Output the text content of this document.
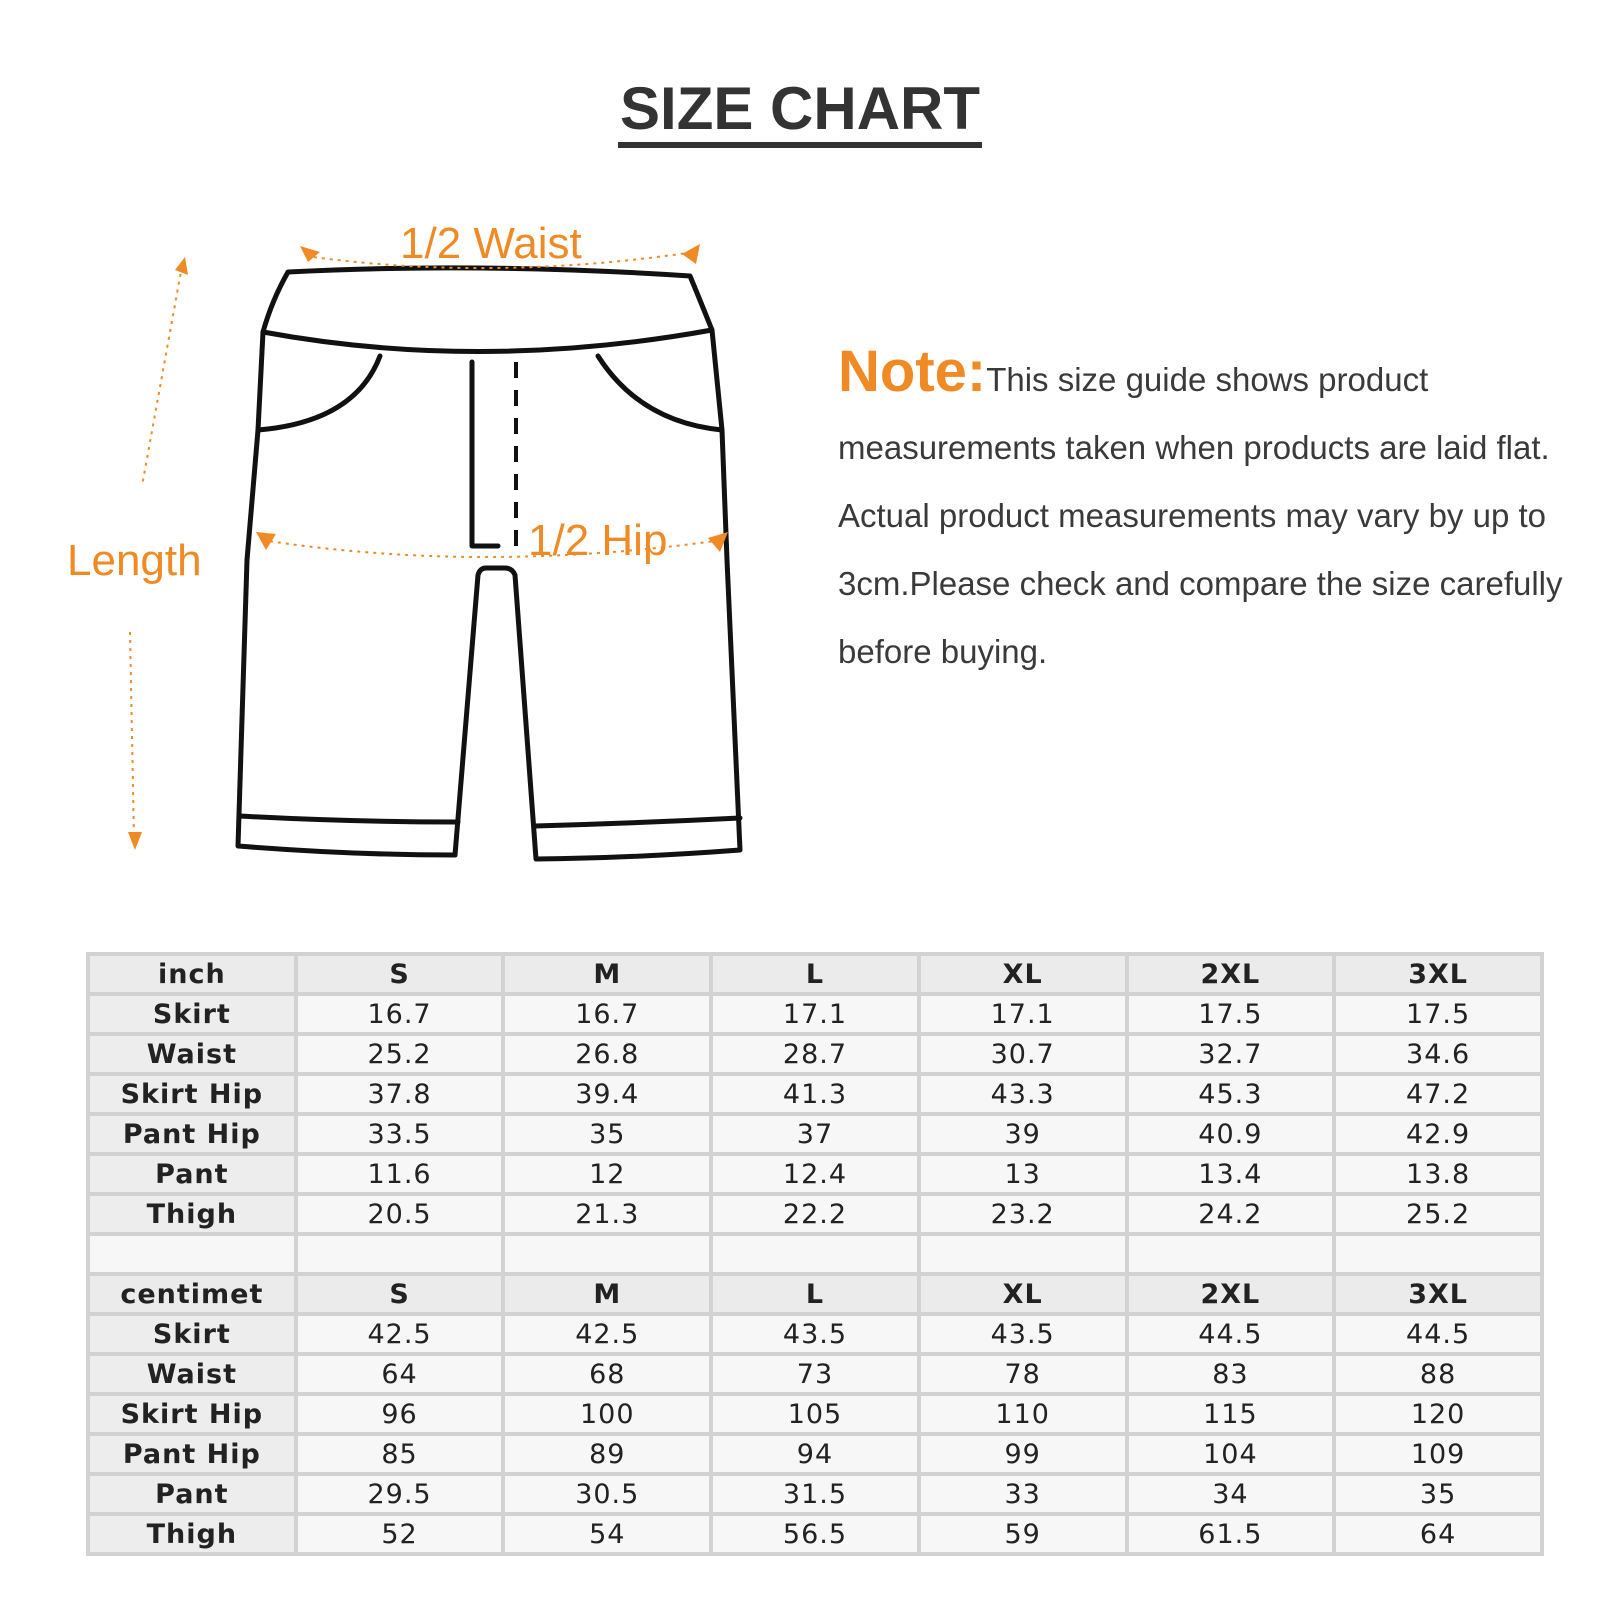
SIZE CHART
1/2 Waist
1/2 Hip
Length
Note:This size guide shows product measurements taken when products are laid flat. Actual product measurements may vary by up to 3cm.Please check and compare the size carefully before buying.
inch	S	M	L	XL	2XL	3XL
Skirt	16.7	16.7	17.1	17.1	17.5	17.5
Waist	25.2	26.8	28.7	30.7	32.7	34.6
Skirt Hip	37.8	39.4	41.3	43.3	45.3	47.2
Pant Hip	33.5	35	37	39	40.9	42.9
Pant	11.6	12	12.4	13	13.4	13.8
Thigh	20.5	21.3	22.2	23.2	24.2	25.2

centimet	S	M	L	XL	2XL	3XL
Skirt	42.5	42.5	43.5	43.5	44.5	44.5
Waist	64	68	73	78	83	88
Skirt Hip	96	100	105	110	115	120
Pant Hip	85	89	94	99	104	109
Pant	29.5	30.5	31.5	33	34	35
Thigh	52	54	56.5	59	61.5	64
